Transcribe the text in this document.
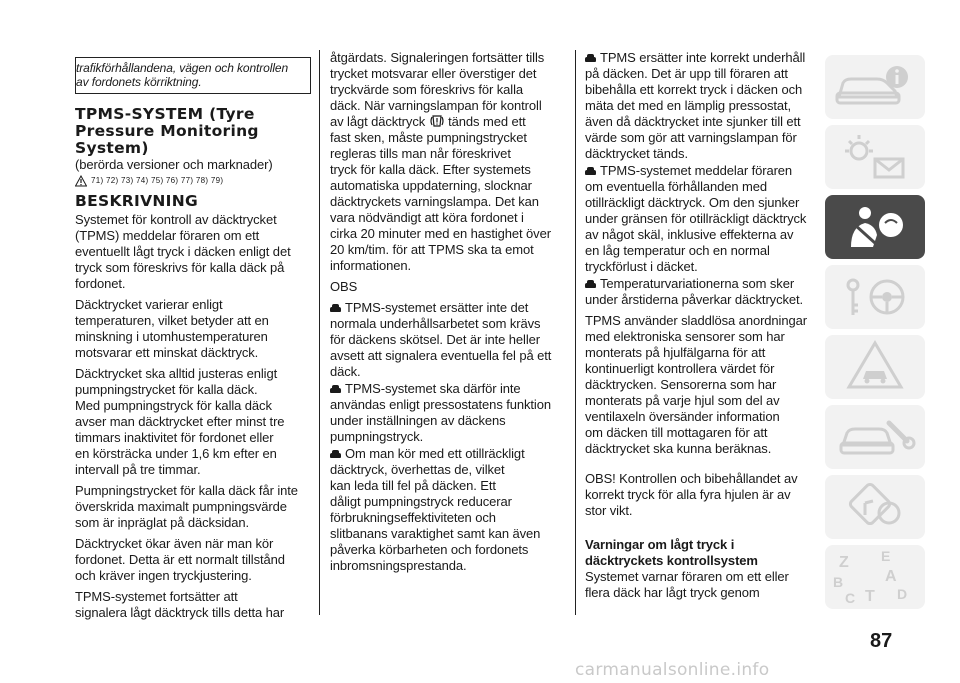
trafikförhållandena, vägen och kontrollen
av fordonets körriktning.
TPMS-SYSTEM (Tyre
Pressure Monitoring
System)
(berörda versioner och marknader)
71) 72) 73) 74) 75) 76) 77) 78) 79)
BESKRIVNING

Systemet för kontroll av däcktrycket
(TPMS) meddelar föraren om ett
eventuellt lågt tryck i däcken enligt det
tryck som föreskrivs för kalla däck på
fordonet.

Däcktrycket varierar enligt
temperaturen, vilket betyder att en
minskning i utomhustemperaturen
motsvarar ett minskat däcktryck.

Däcktrycket ska alltid justeras enligt
pumpningstrycket för kalla däck.
Med pumpningstryck för kalla däck
avser man däcktrycket efter minst tre
timmars inaktivitet för fordonet eller
en körsträcka under 1,6 km efter en
intervall på tre timmar.

Pumpningstrycket för kalla däck får inte
överskrida maximalt pumpningsvärde
som är inpräglat på däcksidan.

Däcktrycket ökar även när man kör
fordonet. Detta är ett normalt tillstånd
och kräver ingen tryckjustering.

TPMS-systemet fortsätter att
signalera lågt däcktryck tills detta har

åtgärdats. Signaleringen fortsätter tills
trycket motsvarar eller överstiger det
tryckvärde som föreskrivs för kalla
däck. När varningslampan för kontroll
av lågt däcktryck tänds med ett
fast sken, måste pumpningstrycket
regleras tills man når föreskrivet
tryck för kalla däck. Efter systemets
automatiska uppdaterning, slocknar
däcktryckets varningslampa. Det kan
vara nödvändigt att köra fordonet i
cirka 20 minuter med en hastighet över
20 km/tim. för att TPMS ska ta emot
informationen.

OBS

TPMS-systemet ersätter inte det
normala underhållsarbetet som krävs
för däckens skötsel. Det är inte heller
avsett att signalera eventuella fel på ett
däck.

TPMS-systemet ska därför inte
användas enligt pressostatens funktion
under inställningen av däckens
pumpningstryck.

Om man kör med ett otillräckligt
däcktryck, överhettas de, vilket
kan leda till fel på däcken. Ett
dåligt pumpningstryck reducerar
förbrukningseffektiviteten och
slitbanans varaktighet samt kan även
påverka körbarheten och fordonets
inbromsningsprestanda.

TPMS ersätter inte korrekt underhåll
på däcken. Det är upp till föraren att
bibehålla ett korrekt tryck i däcken och
mäta det med en lämplig pressostat,
även då däcktrycket inte sjunker till ett
värde som gör att varningslampan för
däcktrycket tänds.

TPMS-systemet meddelar föraren
om eventuella förhållanden med
otillräckligt däcktryck. Om den sjunker
under gränsen för otillräckligt däcktryck
av något skäl, inklusive effekterna av
en låg temperatur och en normal
tryckförlust i däcket.

Temperaturvariationerna som sker
under årstiderna påverkar däcktrycket.

TPMS använder sladdlösa anordningar
med elektroniska sensorer som har
monterats på hjulfälgarna för att
kontinuerligt kontrollera värdet för
däcktrycken. Sensorerna som har
monterats på varje hjul som del av
ventilaxeln översänder information
om däcken till mottagaren för att
däcktrycket ska kunna beräknas.

OBS! Kontrollen och bibehållandet av
korrekt tryck för alla fyra hjulen är av
stor vikt.

Varningar om lågt tryck i
däcktryckets kontrollsystem

Systemet varnar föraren om ett eller
flera däck har lågt tryck genom

Z E
B	A
C T D
87
carmanualsonline.info
